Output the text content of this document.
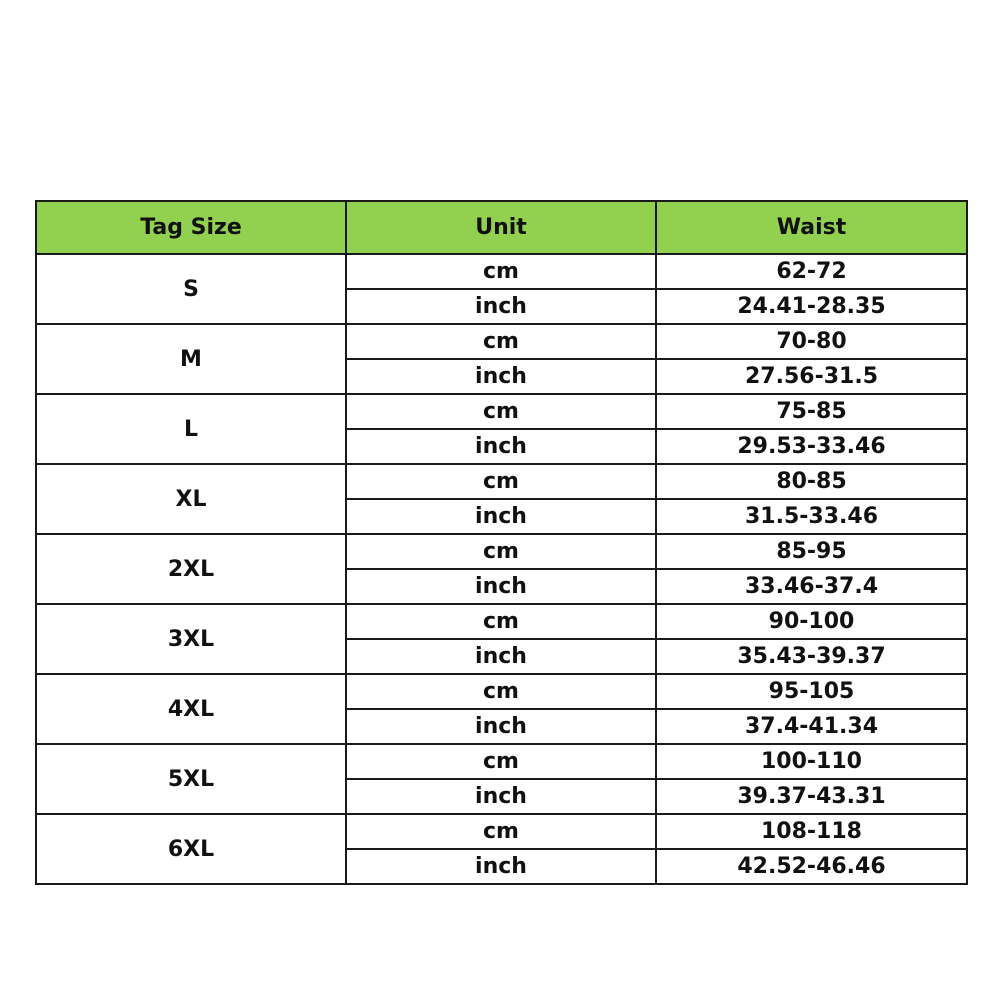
Tag Size	Unit	Waist
S	cm	62-72
	inch	24.41-28.35
M	cm	70-80
	inch	27.56-31.5
L	cm	75-85
	inch	29.53-33.46
XL	cm	80-85
	inch	31.5-33.46
2XL	cm	85-95
	inch	33.46-37.4
3XL	cm	90-100
	inch	35.43-39.37
4XL	cm	95-105
	inch	37.4-41.34
5XL	cm	100-110
	inch	39.37-43.31
6XL	cm	108-118
	inch	42.52-46.46
